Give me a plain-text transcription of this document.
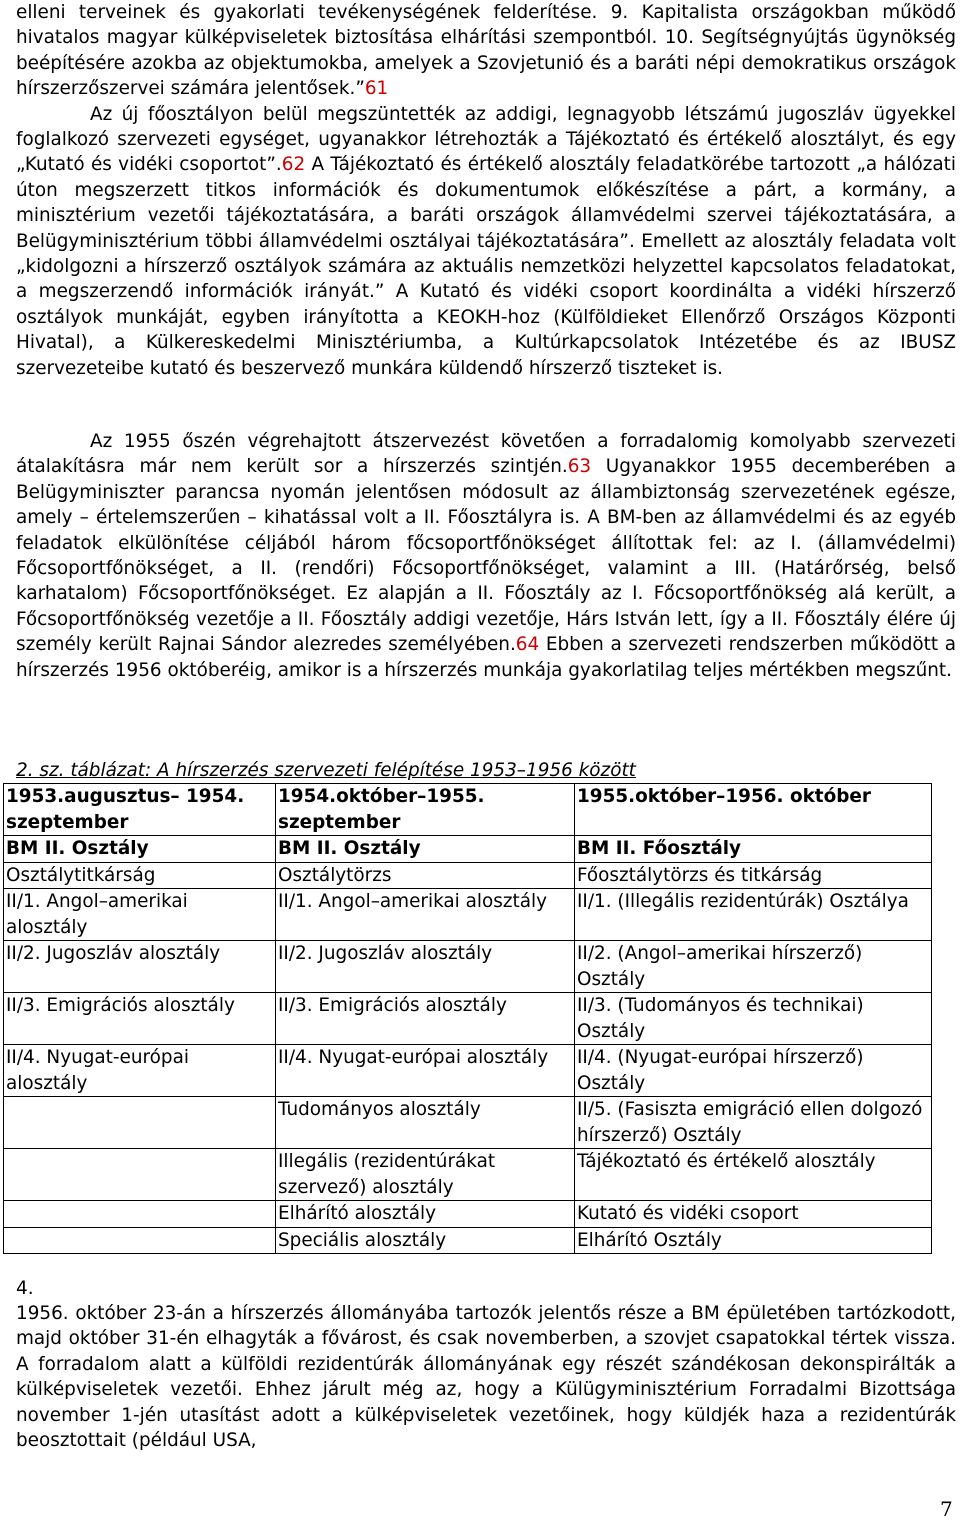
elleni terveinek és gyakorlati tevékenységének felderítése. 9. Kapitalista országokban működő hivatalos magyar külképviseletek biztosítása elhárítási szempontból. 10. Segítségnyújtás ügynökség beépítésére azokba az objektumokba, amelyek a Szovjetunió és a baráti népi demokratikus országok hírszerzőszervei számára jelentősek.”61

Az új főosztályon belül megszüntették az addigi, legnagyobb létszámú jugoszláv ügyekkel foglalkozó szervezeti egységet, ugyanakkor létrehozták a Tájékoztató és értékelő alosztályt, és egy „Kutató és vidéki csoportot”.62 A Tájékoztató és értékelő alosztály feladatkörébe tartozott „a hálózati úton megszerzett titkos információk és dokumentumok előkészítése a párt, a kormány, a minisztérium vezetői tájékoztatására, a baráti országok államvédelmi szervei tájékoztatására, a Belügyminisztérium többi államvédelmi osztályai tájékoztatására”. Emellett az alosztály feladata volt „kidolgozni a hírszerző osztályok számára az aktuális nemzetközi helyzettel kapcsolatos feladatokat, a megszerzendő információk irányát.” A Kutató és vidéki csoport koordinálta a vidéki hírszerző osztályok munkáját, egyben irányította a KEOKH-hoz (Külföldieket Ellenőrző Országos Központi Hivatal), a Külkereskedelmi Minisztériumba, a Kultúrkapcsolatok Intézetébe és az IBUSZ szervezeteibe kutató és beszervező munkára küldendő hírszerző tiszteket is.

Az 1955 őszén végrehajtott átszervezést követően a forradalomig komolyabb szervezeti átalakításra már nem került sor a hírszerzés szintjén.63 Ugyanakkor 1955 decemberében a Belügyminiszter parancsa nyomán jelentősen módosult az állambiztonság szervezetének egésze, amely – értelemszerűen – kihatással volt a II. Főosztályra is. A BM-ben az államvédelmi és az egyéb feladatok elkülönítése céljából három főcsoportfőnökséget állítottak fel: az I. (államvédelmi) Főcsoportfőnökséget, a II. (rendőri) Főcsoportfőnökséget, valamint a III. (Határőrség, belső karhatalom) Főcsoportfőnökséget. Ez alapján a II. Főosztály az I. Főcsoportfőnökség alá került, a Főcsoportfőnökség vezetője a II. Főosztály addigi vezetője, Hárs István lett, így a II. Főosztály élére új személy került Rajnai Sándor alezredes személyében.64 Ebben a szervezeti rendszerben működött a hírszerzés 1956 októberéig, amikor is a hírszerzés munkája gyakorlatilag teljes mértékben megszűnt.

2. sz. táblázat: A hírszerzés szervezeti felépítése 1953–1956 között
1953.augusztus– 1954. szeptember	1954.október–1955. szeptember	1955.október–1956. október
BM II. Osztály	BM II. Osztály	BM II. Főosztály
Osztálytitkárság	Osztálytörzs	Főosztálytörzs és titkárság
II/1. Angol–amerikai alosztály	II/1. Angol–amerikai alosztály	II/1. (Illegális rezidentúrák) Osztálya
II/2. Jugoszláv alosztály	II/2. Jugoszláv alosztály	II/2. (Angol–amerikai hírszerző) Osztály
II/3. Emigrációs alosztály	II/3. Emigrációs alosztály	II/3. (Tudományos és technikai) Osztály
II/4. Nyugat-európai alosztály	II/4. Nyugat-európai alosztály	II/4. (Nyugat-európai hírszerző) Osztály
	Tudományos alosztály	II/5. (Fasiszta emigráció ellen dolgozó hírszerző) Osztály
	Illegális (rezidentúrákat szervező) alosztály	Tájékoztató és értékelő alosztály
	Elhárító alosztály	Kutató és vidéki csoport
	Speciális alosztály	Elhárító Osztály
4.

1956. október 23-án a hírszerzés állományába tartozók jelentős része a BM épületében tartózkodott, majd október 31-én elhagyták a fővárost, és csak novemberben, a szovjet csapatokkal tértek vissza. A forradalom alatt a külföldi rezidentúrák állományának egy részét szándékosan dekonspirálták a külképviseletek vezetői. Ehhez járult még az, hogy a Külügyminisztérium Forradalmi Bizottsága november 1-jén utasítást adott a külképviseletek vezetőinek, hogy küldjék haza a rezidentúrák beosztottait (például USA,

7
